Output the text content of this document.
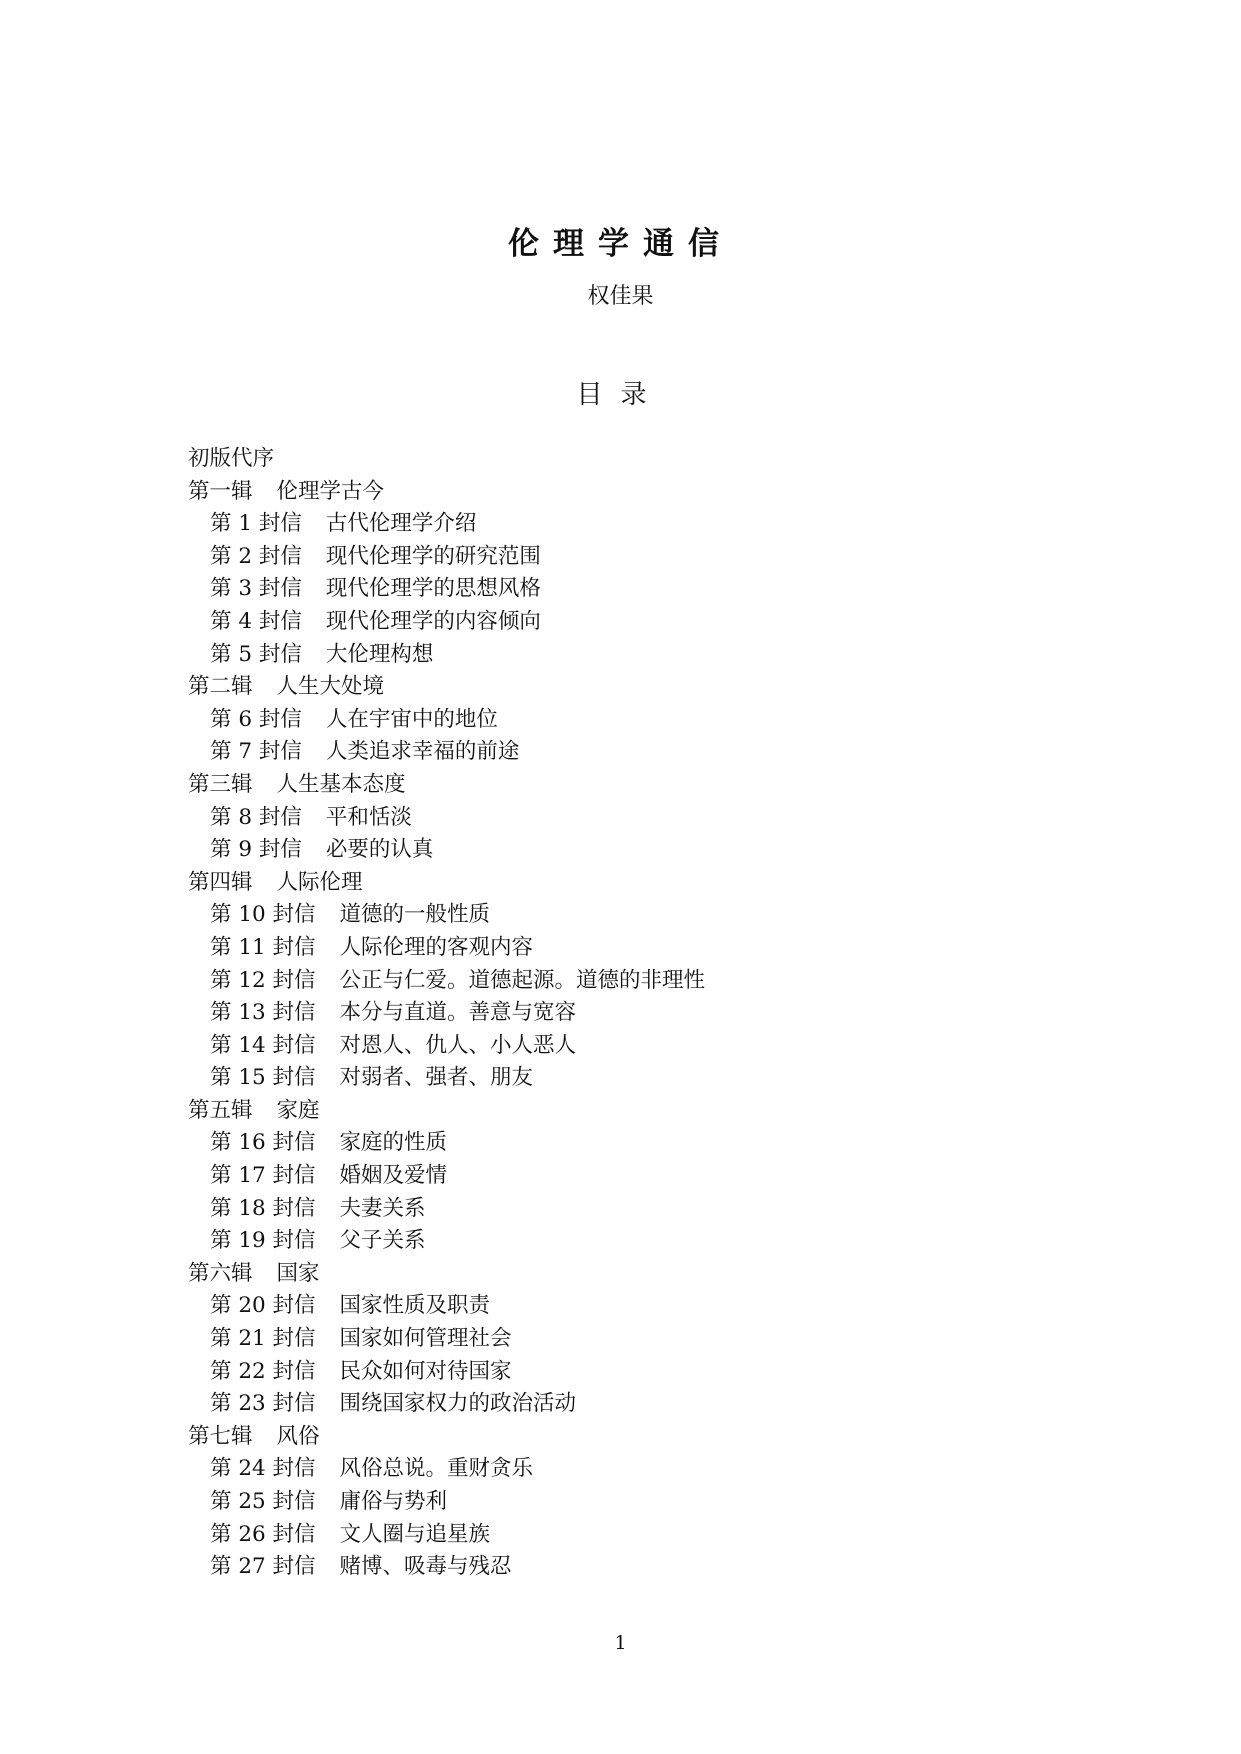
伦理学通信
权佳果
目录
初版代序
第一辑 伦理学古今
第 1 封信 古代伦理学介绍
第 2 封信 现代伦理学的研究范围
第 3 封信 现代伦理学的思想风格
第 4 封信 现代伦理学的内容倾向
第 5 封信 大伦理构想
第二辑 人生大处境
第 6 封信 人在宇宙中的地位
第 7 封信 人类追求幸福的前途
第三辑 人生基本态度
第 8 封信 平和恬淡
第 9 封信 必要的认真
第四辑 人际伦理
第 10 封信 道德的一般性质
第 11 封信 人际伦理的客观内容
第 12 封信 公正与仁爱。道德起源。道德的非理性
第 13 封信 本分与直道。善意与宽容
第 14 封信 对恩人、仇人、小人恶人
第 15 封信 对弱者、强者、朋友
第五辑 家庭
第 16 封信 家庭的性质
第 17 封信 婚姻及爱情
第 18 封信 夫妻关系
第 19 封信 父子关系
第六辑 国家
第 20 封信 国家性质及职责
第 21 封信 国家如何管理社会
第 22 封信 民众如何对待国家
第 23 封信 围绕国家权力的政治活动
第七辑 风俗
第 24 封信 风俗总说。重财贪乐
第 25 封信 庸俗与势利
第 26 封信 文人圈与追星族
第 27 封信 赌博、吸毒与残忍
1
